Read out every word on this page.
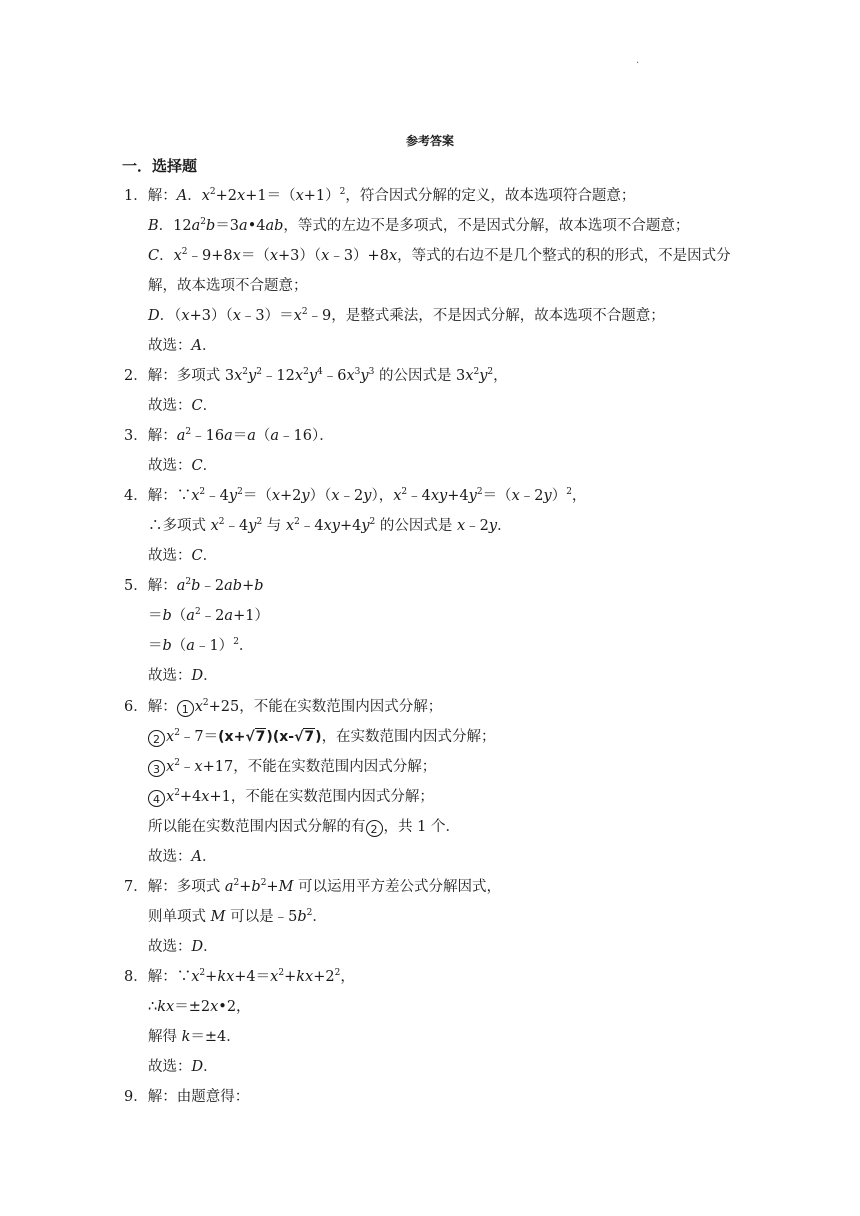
·
参考答案
一．选择题
1．解：A．$x^2+2x+1=(x+1)^2$，符合因式分解的定义，故本选项符合题意；
B．$12a^2b=3a•4ab$，等式的左边不是多项式，不是因式分解，故本选项不合题意；
C．$x^2﹣9+8x=(x+3)(x﹣3)+8x$，等式的右边不是几个整式的积的形式，不是因式分
解，故本选项不合题意；
D．$(x+3)(x﹣3)=x^2﹣9$，是整式乘法，不是因式分解，故本选项不合题意；
故选：A．
2．解：多项式 $3x^2y^2﹣12x^2y^4﹣6x^3y^3$ 的公因式是 $3x^2y^2$，
故选：C．
3．解：$a^2﹣16a=a(a﹣16)$．
故选：C．
4．解：$\because x^2﹣4y^2=(x+2y)(x﹣2y)$，$x^2﹣4xy+4y^2=(x﹣2y)^2$，
∴多项式 $x^2﹣4y^2$ 与 $x^2﹣4xy+4y^2$ 的公因式是 x﹣2y．
故选：C．
5．解：$a^2b﹣2ab+b$
$=b(a^2﹣2a+1)$
＝b（a﹣1）$^2$．
故选：D．
6．解： 1 $x^2+25$，不能在实数范围内因式分解；
2 $x^2﹣7=(x+√7)(x-√7)$，在实数范围内因式分解；
3 $x^2﹣x+17$，不能在实数范围内因式分解；
4 $x^2+4x+1$，不能在实数范围内因式分解；
所以能在实数范围内因式分解的有 2 ，共 1 个．
故选：A．
7．解：多项式 $a^2+b^2+M$ 可以运用平方差公式分解因式，
则单项式 M 可以是$﹣5b^2$．
故选：D．
8．解：$\because x^2+kx+4=x^2+kx+2^2$，
∴kx＝±2x•2，
解得 k＝±4．
故选：D．
9．解：由题意得：
